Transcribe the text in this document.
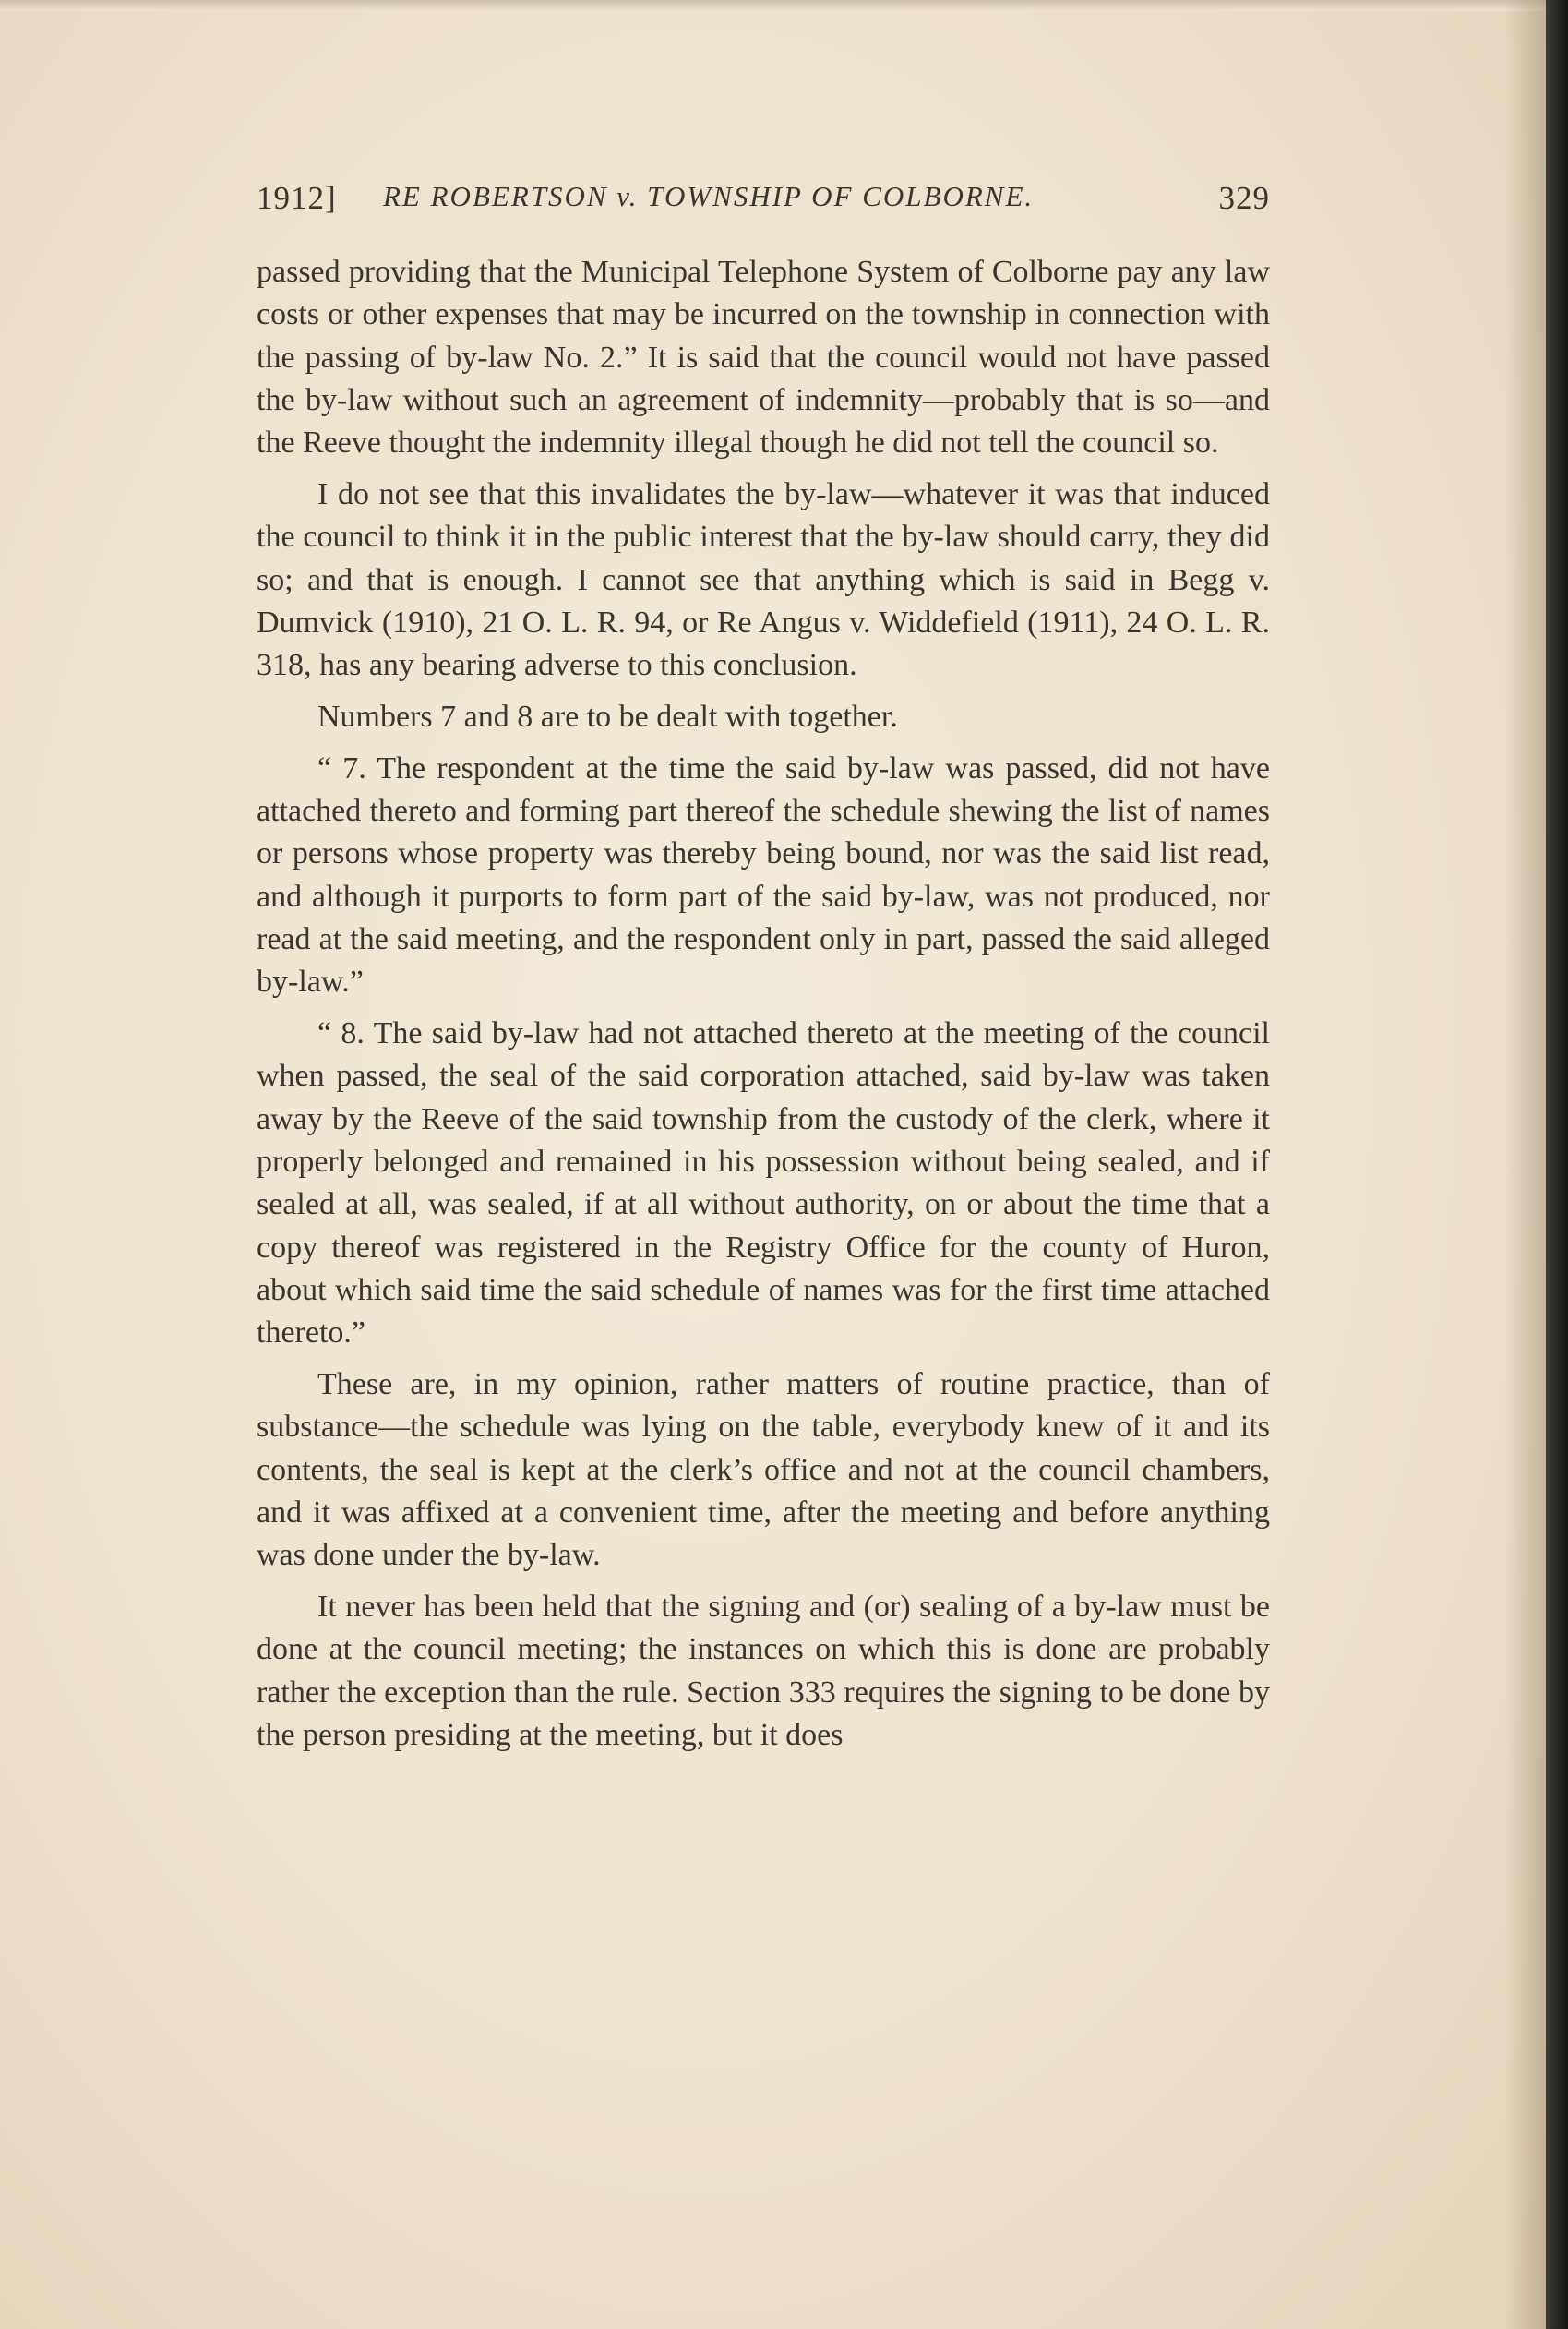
1912] RE ROBERTSON v. TOWNSHIP OF COLBORNE.	329

passed providing that the Municipal Telephone System of Colborne pay any law costs or other expenses that may be incurred on the township in connection with the passing of by-law No. 2.” It is said that the council would not have passed the by-law without such an agreement of indemnity—probably that is so—and the Reeve thought the indemnity illegal though he did not tell the council so.

I do not see that this invalidates the by-law—whatever it was that induced the council to think it in the public interest that the by-law should carry, they did so; and that is enough. I cannot see that anything which is said in Begg v. Dumvick (1910), 21 O. L. R. 94, or Re Angus v. Widdefield (1911), 24 O. L. R. 318, has any bearing adverse to this conclusion.

Numbers 7 and 8 are to be dealt with together.

“ 7. The respondent at the time the said by-law was passed, did not have attached thereto and forming part thereof the schedule shewing the list of names or persons whose property was thereby being bound, nor was the said list read, and although it purports to form part of the said by-law, was not produced, nor read at the said meeting, and the respondent only in part, passed the said alleged by-law.”

“ 8. The said by-law had not attached thereto at the meeting of the council when passed, the seal of the said corporation attached, said by-law was taken away by the Reeve of the said township from the custody of the clerk, where it properly belonged and remained in his possession without being sealed, and if sealed at all, was sealed, if at all without authority, on or about the time that a copy thereof was registered in the Registry Office for the county of Huron, about which said time the said schedule of names was for the first time attached thereto.”

These are, in my opinion, rather matters of routine practice, than of substance—the schedule was lying on the table, everybody knew of it and its contents, the seal is kept at the clerk’s office and not at the council chambers, and it was affixed at a convenient time, after the meeting and before anything was done under the by-law.

It never has been held that the signing and (or) sealing of a by-law must be done at the council meeting; the instances on which this is done are probably rather the exception than the rule. Section 333 requires the signing to be done by the person presiding at the meeting, but it does
